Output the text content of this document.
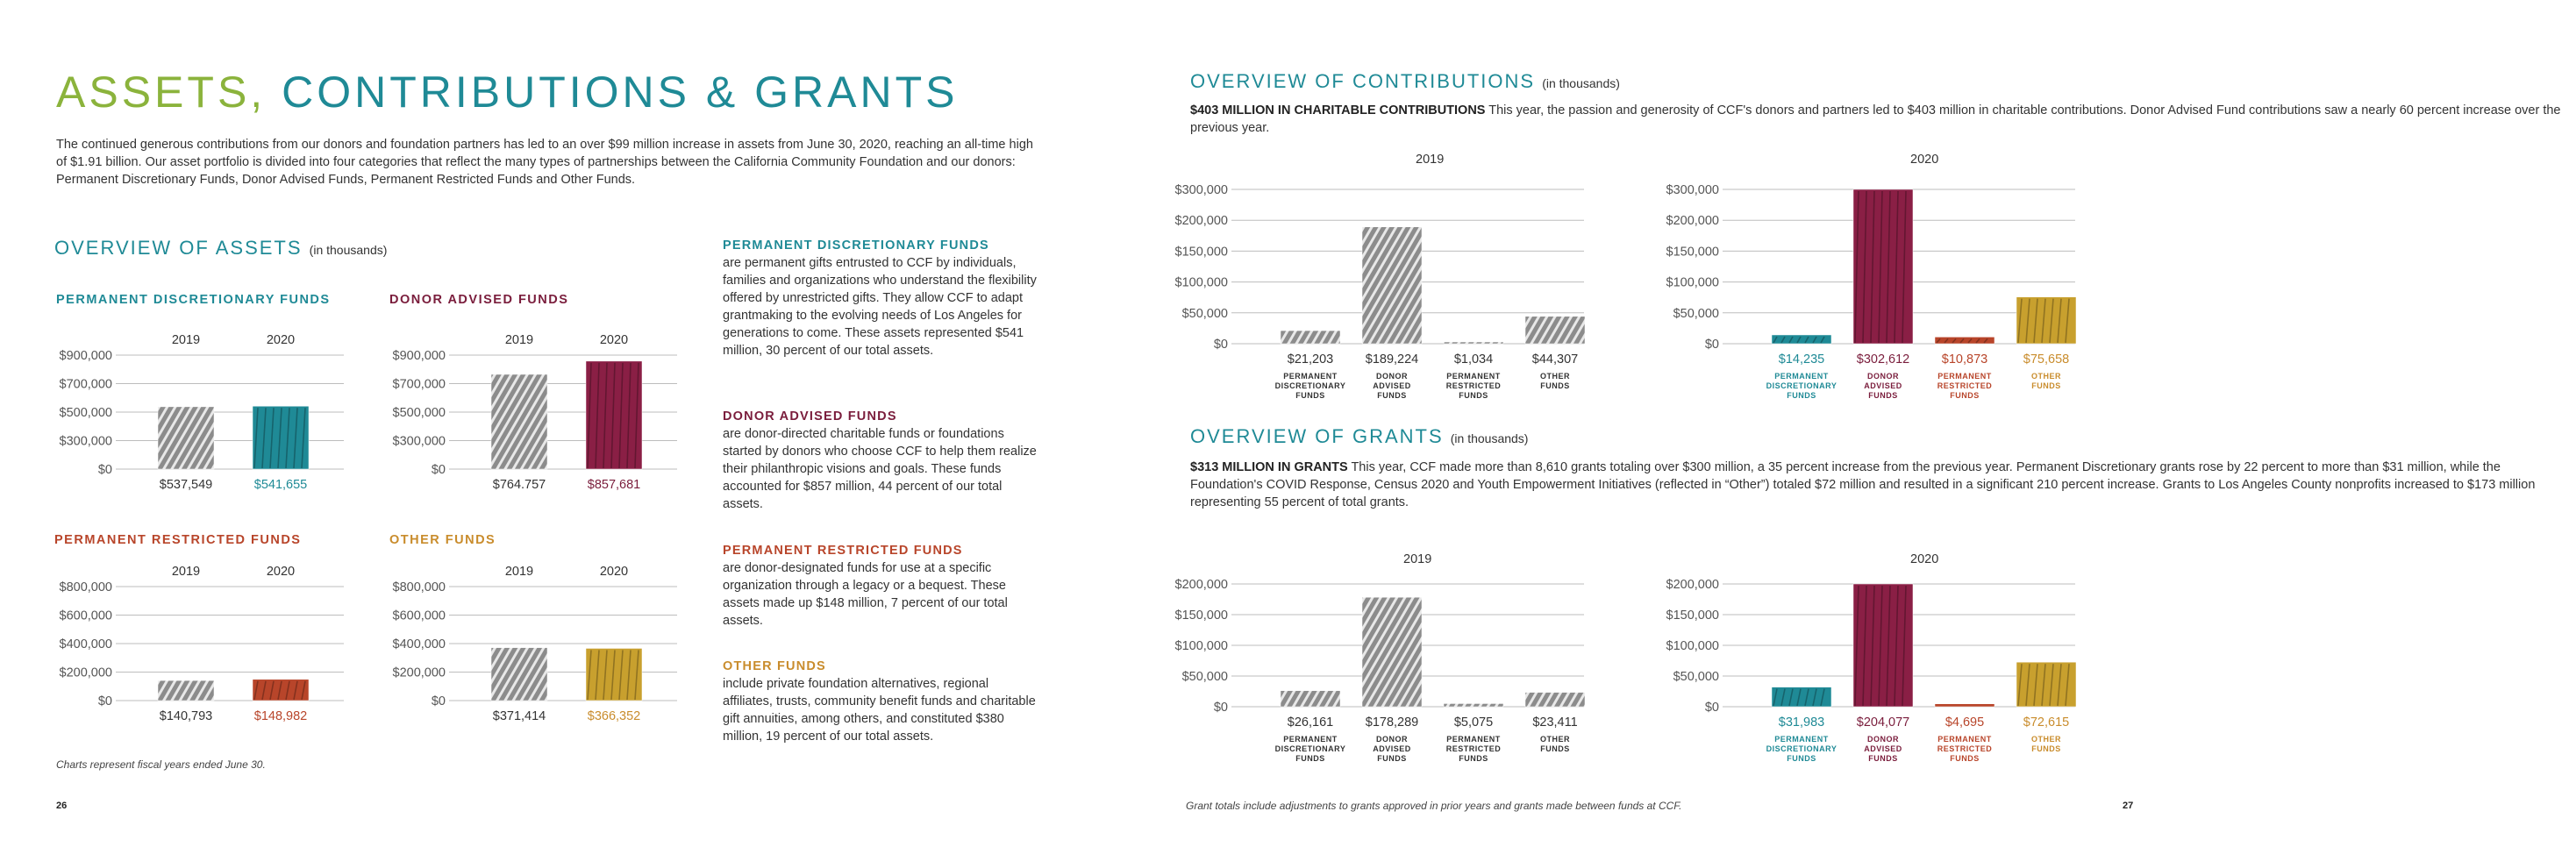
ASSETS, CONTRIBUTIONS & GRANTS
The continued generous contributions from our donors and foundation partners has led to an over $99 million increase in assets from June 30, 2020, reaching an all-time high of $1.91 billion. Our asset portfolio is divided into four categories that reflect the many types of partnerships between the California Community Foundation and our donors: Permanent Discretionary Funds, Donor Advised Funds, Permanent Restricted Funds and Other Funds.
OVERVIEW OF ASSETS (in thousands)
PERMANENT DISCRETIONARY FUNDS	DONOR ADVISED FUNDS
PERMANENT RESTRICTED FUNDS	OTHER FUNDS
$900,000
$700,000
$500,000
$300,000
$0
$537,549
2019
$541,655
2020
$900,000
$700,000
$500,000
$300,000
$0
$764.757
2019
$857,681
2020
$800,000
$600,000
$400,000
$200,000
$0
$140,793
2019
$148,982
2020
$800,000
$600,000
$400,000
$200,000
$0
$371,414
2019
$366,352
2020
PERMANENT DISCRETIONARY FUNDS
are permanent gifts entrusted to CCF by individuals, families and organizations who understand the flexibility offered by unrestricted gifts. They allow CCF to adapt grantmaking to the evolving needs of Los Angeles for generations to come. These assets represented $541 million, 30 percent of our total assets.
DONOR ADVISED FUNDS
are donor-directed charitable funds or foundations started by donors who choose CCF to help them realize their philanthropic visions and goals. These funds accounted for $857 million, 44 percent of our total assets.
PERMANENT RESTRICTED FUNDS
are donor-designated funds for use at a specific organization through a legacy or a bequest. These assets made up $148 million, 7 percent of our total assets.
OTHER FUNDS
include private foundation alternatives, regional affiliates, trusts, community benefit funds and charitable gift annuities, among others, and constituted $380 million, 19 percent of our total assets.
Charts represent fiscal years ended June 30.
26
OVERVIEW OF CONTRIBUTIONS (in thousands)
$403 MILLION IN CHARITABLE CONTRIBUTIONS This year, the passion and generosity of CCF's donors and partners led to $403 million in charitable contributions. Donor Advised Fund contributions saw a nearly 60 percent increase over the previous year.
2019	2020
$300,000
$200,000
$150,000
$100,000
$50,000
$0
$21,203
PERMANENT
DISCRETIONARY
FUNDS
$189,224
DONOR
ADVISED
FUNDS
$1,034
PERMANENT
RESTRICTED
FUNDS
$44,307
OTHER
FUNDS
$300,000
$200,000
$150,000
$100,000
$50,000
$0
$14,235
PERMANENT
DISCRETIONARY
FUNDS
$302,612
DONOR
ADVISED
FUNDS
$10,873
PERMANENT
RESTRICTED
FUNDS
$75,658
OTHER
FUNDS
OVERVIEW OF GRANTS (in thousands)
$313 MILLION IN GRANTS This year, CCF made more than 8,610 grants totaling over $300 million, a 35 percent increase from the previous year. Permanent Discretionary grants rose by 22 percent to more than $31 million, while the Foundation's COVID Response, Census 2020 and Youth Empowerment Initiatives (reflected in “Other”) totaled $72 million and resulted in a significant 210 percent increase. Grants to Los Angeles County nonprofits increased to $173 million representing 55 percent of total grants.
2019	2020
$200,000
$150,000
$100,000
$50,000
$0
$26,161
PERMANENT
DISCRETIONARY
FUNDS
$178,289
DONOR
ADVISED
FUNDS
$5,075
PERMANENT
RESTRICTED
FUNDS
$23,411
OTHER
FUNDS
$200,000
$150,000
$100,000
$50,000
$0
$31,983
PERMANENT
DISCRETIONARY
FUNDS
$204,077
DONOR
ADVISED
FUNDS
$4,695
PERMANENT
RESTRICTED
FUNDS
$72,615
OTHER
FUNDS
Grant totals include adjustments to grants approved in prior years and grants made between funds at CCF.	27
